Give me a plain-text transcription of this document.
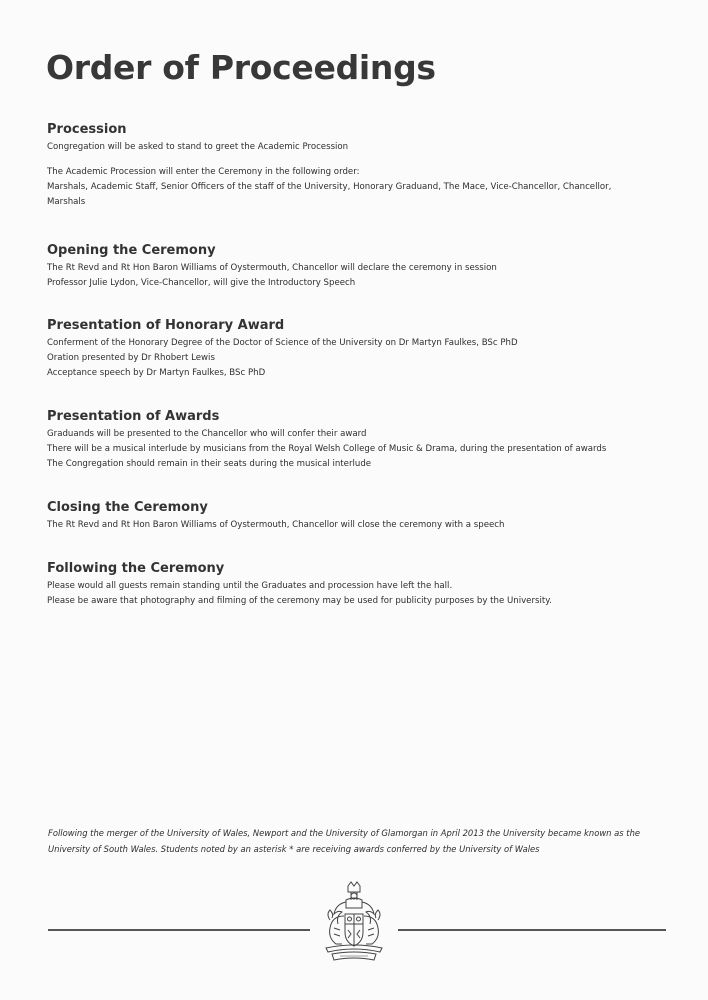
Order of Proceedings
Procession

Congregation will be asked to stand to greet the Academic Procession

The Academic Procession will enter the Ceremony in the following order:

Marshals, Academic Staff, Senior Officers of the staff of the University, Honorary Graduand, The Mace, Vice-Chancellor, Chancellor, Marshals

Opening the Ceremony

The Rt Revd and Rt Hon Baron Williams of Oystermouth, Chancellor will declare the ceremony in session

Professor Julie Lydon, Vice-Chancellor, will give the Introductory Speech

Presentation of Honorary Award

Conferment of the Honorary Degree of the Doctor of Science of the University on Dr Martyn Faulkes, BSc PhD

Oration presented by Dr Rhobert Lewis

Acceptance speech by Dr Martyn Faulkes, BSc PhD

Presentation of Awards

Graduands will be presented to the Chancellor who will confer their award

There will be a musical interlude by musicians from the Royal Welsh College of Music & Drama, during the presentation of awards

The Congregation should remain in their seats during the musical interlude

Closing the Ceremony

The Rt Revd and Rt Hon Baron Williams of Oystermouth, Chancellor will close the ceremony with a speech

Following the Ceremony

Please would all guests remain standing until the Graduates and procession have left the hall.

Please be aware that photography and filming of the ceremony may be used for publicity purposes by the University.

Following the merger of the University of Wales, Newport and the University of Glamorgan in April 2013 the University became known as the University of South Wales. Students noted by an asterisk * are receiving awards conferred by the University of Wales
